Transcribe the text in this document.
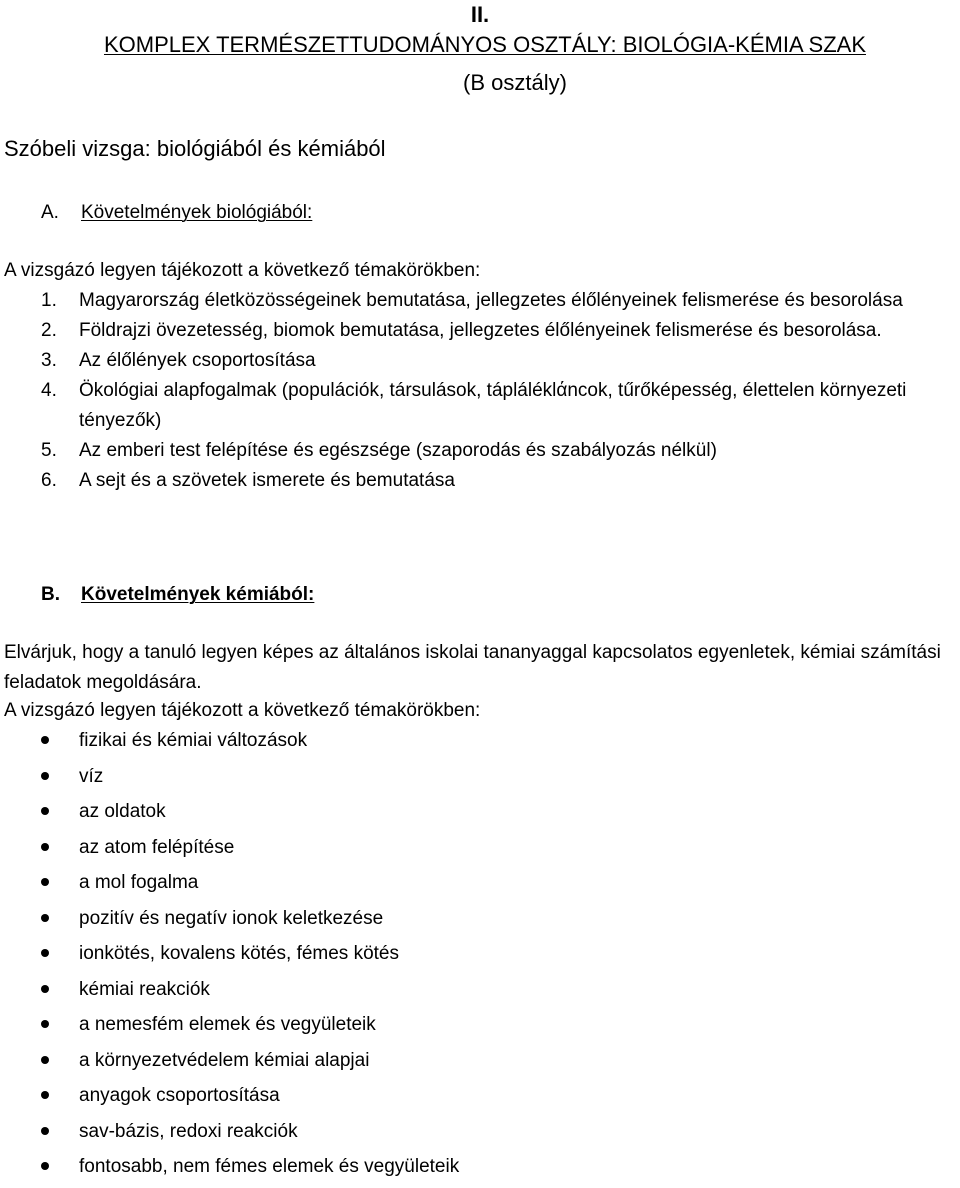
II.
KOMPLEX TERMÉSZETTUDOMÁNYOS OSZTÁLY: BIOLÓGIA-KÉMIA SZAK
(B osztály)
Szóbeli vizsga: biológiából és kémiából
A. Követelmények biológiából:
A vizsgázó legyen tájékozott a következő témakörökben:
1. Magyarország életközösségeinek bemutatása, jellegzetes élőlényeinek felismerése és besorolása
2. Földrajzi övezetesség, biomok bemutatása, jellegzetes élőlényeinek felismerése és besorolása.
3. Az élőlények csoportosítása
4. Ökológiai alapfogalmak (populációk, társulások, tápláléklάncok, tűrőképesség, élettelen környezeti tényezők)
5. Az emberi test felépítése és egészsége (szaporodás és szabályozás nélkül)
6. A sejt és a szövetek ismerete és bemutatása
B. Követelmények kémiából:
Elvárjuk, hogy a tanuló legyen képes az általános iskolai tananyaggal kapcsolatos egyenletek, kémiai számítási feladatok megoldására.
A vizsgázó legyen tájékozott a következő témakörökben:
fizikai és kémiai változások
víz
az oldatok
az atom felépítése
a mol fogalma
pozitív és negatív ionok keletkezése
ionkötés, kovalens kötés, fémes kötés
kémiai reakciók
a nemesfém elemek és vegyületeik
a környezetvédelem kémiai alapjai
anyagok csoportosítása
sav-bázis, redoxi reakciók
fontosabb, nem fémes elemek és vegyületeik
